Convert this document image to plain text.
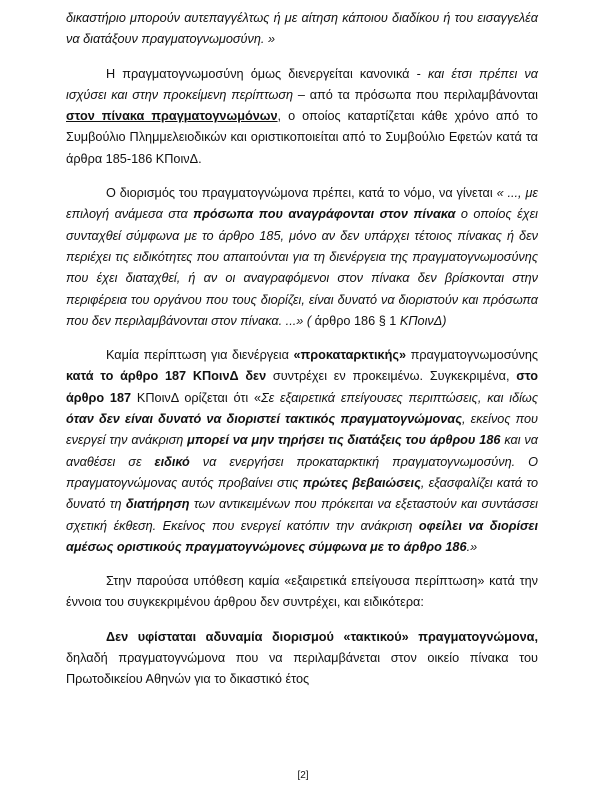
δικαστήριο μπορούν αυτεπαγγέλτως ή με αίτηση κάποιου διαδίκου ή του εισαγγελέα να διατάξουν πραγματογνωμοσύνη. »

Η πραγματογνωμοσύνη όμως διενεργείται κανονικά - και έτσι πρέπει να ισχύσει και στην προκείμενη περίπτωση – από τα πρόσωπα που περιλαμβάνονται στον πίνακα πραγματογνωμόνων, ο οποίος καταρτίζεται κάθε χρόνο από το Συμβούλιο Πλημμελειοδικών και οριστικοποιείται από το Συμβούλιο Εφετών κατά τα άρθρα 185-186 ΚΠοινΔ.

Ο διορισμός του πραγματογνώμονα πρέπει, κατά το νόμο, να γίνεται « ..., με επιλογή ανάμεσα στα πρόσωπα που αναγράφονται στον πίνακα ο οποίος έχει συνταχθεί σύμφωνα με το άρθρο 185, μόνο αν δεν υπάρχει τέτοιος πίνακας ή δεν περιέχει τις ειδικότητες που απαιτούνται για τη διενέργεια της πραγματογνωμοσύνης που έχει διαταχθεί, ή αν οι αναγραφόμενοι στον πίνακα δεν βρίσκονται στην περιφέρεια του οργάνου που τους διορίζει, είναι δυνατό να διοριστούν και πρόσωπα που δεν περιλαμβάνονται στον πίνακα. ...» ( άρθρο 186 § 1 ΚΠοινΔ)

Καμία περίπτωση για διενέργεια «προκαταρκτικής» πραγματογνωμοσύνης κατά το άρθρο 187 ΚΠοινΔ δεν συντρέχει εν προκειμένω. Συγκεκριμένα, στο άρθρο 187 ΚΠοινΔ ορίζεται ότι «Σε εξαιρετικά επείγουσες περιπτώσεις, και ιδίως όταν δεν είναι δυνατό να διοριστεί τακτικός πραγματογνώμονας, εκείνος που ενεργεί την ανάκριση μπορεί να μην τηρήσει τις διατάξεις του άρθρου 186 και να αναθέσει σε ειδικό να ενεργήσει προκαταρκτική πραγματογνωμοσύνη. Ο πραγματογνώμονας αυτός προβαίνει στις πρώτες βεβαιώσεις, εξασφαλίζει κατά το δυνατό τη διατήρηση των αντικειμένων που πρόκειται να εξεταστούν και συντάσσει σχετική έκθεση. Εκείνος που ενεργεί κατόπιν την ανάκριση οφείλει να διορίσει αμέσως οριστικούς πραγματογνώμονες σύμφωνα με το άρθρο 186.»

Στην παρούσα υπόθεση καμία «εξαιρετικά επείγουσα περίπτωση» κατά την έννοια του συγκεκριμένου άρθρου δεν συντρέχει, και ειδικότερα:

Δεν υφίσταται αδυναμία διορισμού «τακτικού» πραγματογνώμονα, δηλαδή πραγματογνώμονα που να περιλαμβάνεται στον οικείο πίνακα του Πρωτοδικείου Αθηνών για το δικαστικό έτος

[2]
